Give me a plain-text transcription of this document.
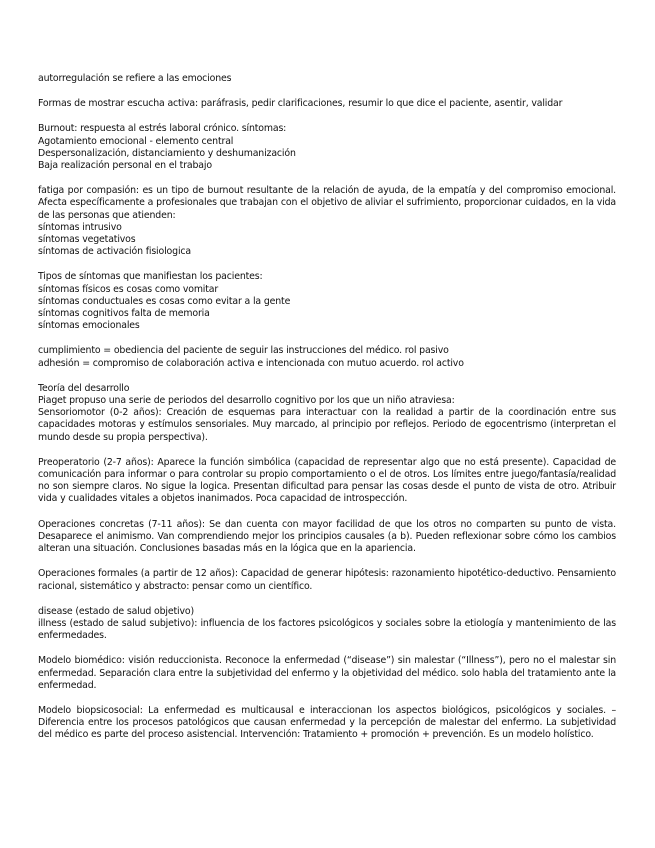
autorregulación se refiere a las emociones
Formas de mostrar escucha activa: paráfrasis, pedir clarificaciones, resumir lo que dice el paciente, asentir, validar
Burnout: respuesta al estrés laboral crónico. síntomas:
Agotamiento emocional - elemento central
Despersonalización, distanciamiento y deshumanización
Baja realización personal en el trabajo
fatiga por compasión: es un tipo de burnout resultante de la relación de ayuda, de la empatía y del compromiso emocional. Afecta específicamente a profesionales que trabajan con el objetivo de aliviar el sufrimiento, proporcionar cuidados, en la vida de las personas que atienden:
síntomas intrusivo
síntomas vegetativos
síntomas de activación fisiologica
Tipos de síntomas que manifiestan los pacientes:
síntomas físicos es cosas como vomitar
síntomas conductuales es cosas como evitar a la gente
síntomas cognitivos falta de memoria
síntomas emocionales
cumplimiento = obediencia del paciente de seguir las instrucciones del médico. rol pasivo
adhesión = compromiso de colaboración activa e intencionada con mutuo acuerdo. rol activo
Teoría del desarrollo
Piaget propuso una serie de periodos del desarrollo cognitivo por los que un niño atraviesa:
Sensoriomotor (0-2 años): Creación de esquemas para interactuar con la realidad a partir de la coordinación entre sus capacidades motoras y estímulos sensoriales. Muy marcado, al principio por reflejos. Periodo de egocentrismo (interpretan el mundo desde su propia perspectiva).
Preoperatorio (2-7 años): Aparece la función simbólica (capacidad de representar algo que no está presente). Capacidad de comunicación para informar o para controlar su propio comportamiento o el de otros. Los límites entre juego/fantasía/realidad no son siempre claros. No sigue la logica. Presentan dificultad para pensar las cosas desde el punto de vista de otro. Atribuir vida y cualidades vitales a objetos inanimados. Poca capacidad de introspección.
Operaciones concretas (7-11 años): Se dan cuenta con mayor facilidad de que los otros no comparten su punto de vista. Desaparece el animismo. Van comprendiendo mejor los principios causales (a b). Pueden reflexionar sobre cómo los cambios alteran una situación. Conclusiones basadas más en la lógica que en la apariencia.
Operaciones formales (a partir de 12 años): Capacidad de generar hipótesis: razonamiento hipotético-deductivo. Pensamiento racional, sistemático y abstracto: pensar como un científico.
disease (estado de salud objetivo)
illness (estado de salud subjetivo): influencia de los factores psicológicos y sociales sobre la etiología y mantenimiento de las enfermedades.
Modelo biomédico: visión reduccionista. Reconoce la enfermedad (“disease”) sin malestar (“Illness”), pero no el malestar sin enfermedad. Separación clara entre la subjetividad del enfermo y la objetividad del médico. solo habla del tratamiento ante la enfermedad.
Modelo biopsicosocial: La enfermedad es multicausal e interaccionan los aspectos biológicos, psicológicos y sociales. – Diferencia entre los procesos patológicos que causan enfermedad y la percepción de malestar del enfermo. La subjetividad del médico es parte del proceso asistencial. Intervención: Tratamiento + promoción + prevención. Es un modelo holístico.
